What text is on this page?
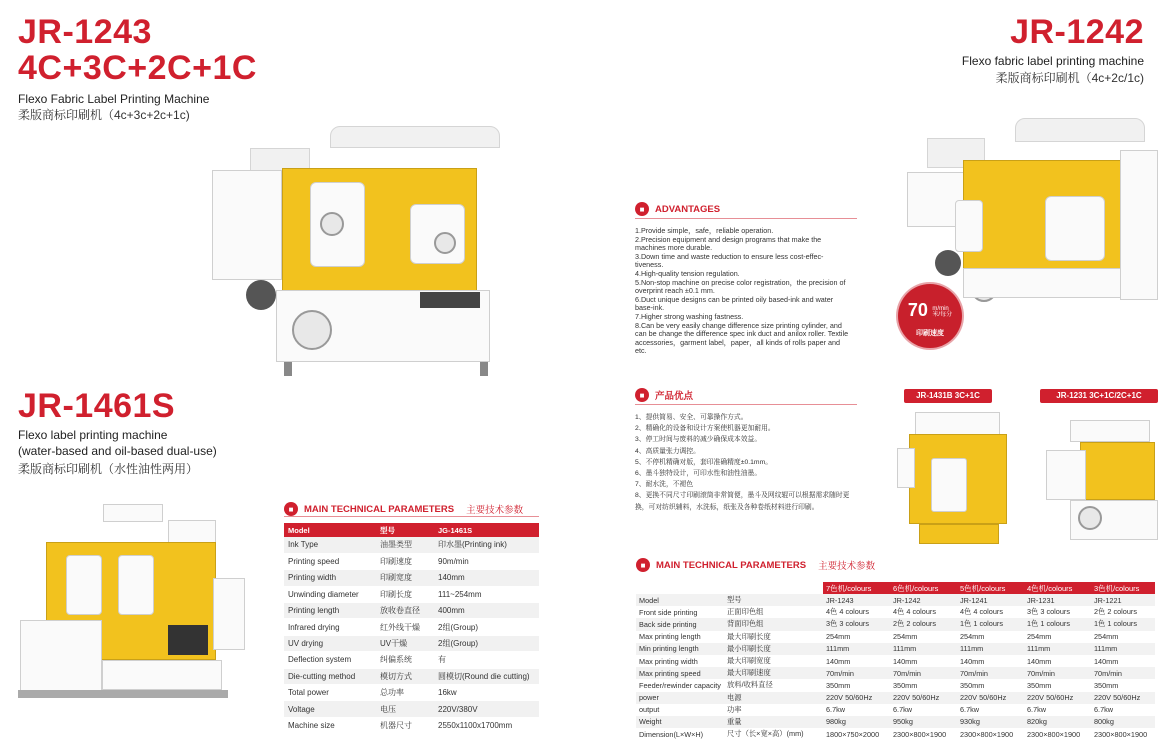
JR-1243
4C+3C+2C+1C
Flexo Fabric Label Printing Machine
柔版商标印刷机（4c+3c+2c+1c)
JR-1461S
Flexo label printing machine
(water-based and oil-based dual-use)
柔版商标印刷机（水性油性两用）
■	MAIN TECHNICAL PARAMETERS 主要技术参数
Model	型号	JG-1461S
Ink Type	油墨类型	印水墨(Printing ink)
Printing speed	印刷速度	90m/min
Printing width	印刷宽度	140mm
Unwinding diameter	印刷长度	111~254mm
Printing length	放收卷直径	400mm
Infrared drying	红外线干燥	2组(Group)
UV drying	UV干燥	2组(Group)
Deflection system	纠偏系统	有
Die-cutting method	模切方式	圆模切(Round die cutting)
Total power	总功率	16kw
Voltage	电压	220V/380V
Machine size	机器尺寸	2550x1100x1700mm
JR-1242
Flexo fabric label printing machine
柔版商标印刷机（4c+2c/1c)
70 m/min
米/每分
印刷速度
■	ADVANTAGES
1.Provide simple，safe，reliable operation.
2.Precision equipment and design programs that make the machines more durable.
3.Down time and waste reduction to ensure less cost-effec- tiveness.
4.High-quality tension regulation.
5.Non-stop machine on precise color registration，the precision of overprint reach ±0.1 mm.
6.Duct unique designs can be printed oily based-ink and water base-ink.
7.Higher strong washing fastness.
8.Can be very easily change difference size printing cylinder, and can be change the difference spec ink duct and anilox roller. Textile accessories，garment label，paper，all kinds of rolls paper and etc.
■	产品优点
1、提供简易、安全、可靠操作方式。
2、精确化的设备和设计方案使机器更加耐用。
3、停工时间与废料的减少确保成本效益。
4、高质量张力调控。
5、不停机精确对版，套印准确精度±0.1mm。
6、墨斗独特设计，可印水性和油性油墨。
7、耐水洗，不褪色
8、更换不同尺寸印刷滚筒非常简便，墨斗及网纹辊可以根据需求随时更换，可对纺织辅料，水洗标，纸张及各种卷纸材料进行印刷。
JR-1431B 3C+1C	JR-1231 3C+1C/2C+1C
■	MAIN TECHNICAL PARAMETERS 主要技术参数
		7色机/colours	6色机/colours	5色机/colours	4色机/colours	3色机/colours
Model	型号	JR-1243	JR-1242	JR-1241	JR-1231	JR-1221
Front side printing	正面印色组	4色 4 colours	4色 4 colours	4色 4 colours	3色 3 colours	2色 2 colours
Back side printing	背面印色组	3色 3 colours	2色 2 colours	1色 1 colours	1色 1 colours	1色 1 colours
Max printing length	最大印刷长度	254mm	254mm	254mm	254mm	254mm
Min printing length	最小印刷长度	111mm	111mm	111mm	111mm	111mm
Max printing width	最大印刷宽度	140mm	140mm	140mm	140mm	140mm
Max printing speed	最大印刷速度	70m/min	70m/min	70m/min	70m/min	70m/min
Feeder/rewinder capacity	放料/收料直径	350mm	350mm	350mm	350mm	350mm
power	电源	220V 50/60Hz	220V 50/60Hz	220V 50/60Hz	220V 50/60Hz	220V 50/60Hz
output	功率	6.7kw	6.7kw	6.7kw	6.7kw	6.7kw
Weight	重量	980kg	950kg	930kg	820kg	800kg
Dimension(L×W×H)	尺寸（长×宽×高）(mm)	1800×750×2000	2300×800×1900	2300×800×1900	2300×800×1900	2300×800×1900
